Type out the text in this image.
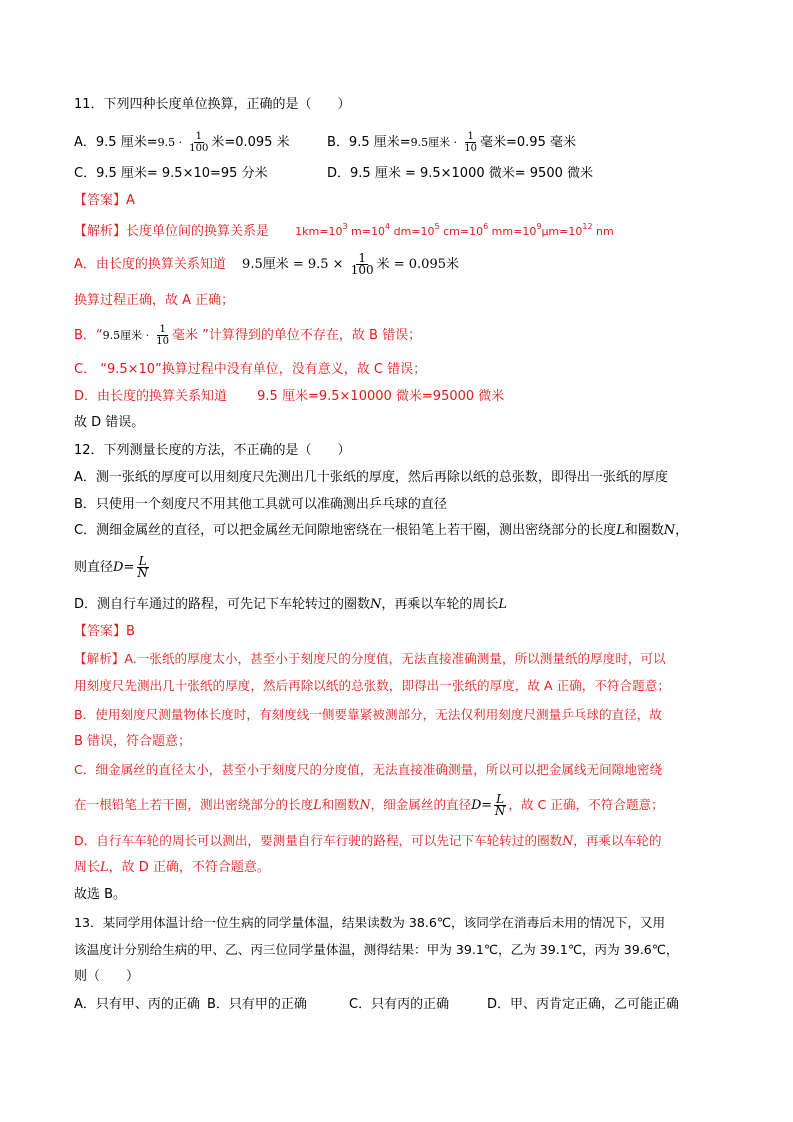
11．下列四种长度单位换算，正确的是（　　）
A．9.5 厘米$=9.5 \cdot \frac{1}{100}$ 米=0.095 米	B．9.5 厘米=9.5厘米 · $\frac{1}{10}$ 毫米=0.95 毫米
C．9.5 厘米= 9.5×10=95 分米	D．9.5 厘米 = 9.5×1000 微米= 9500 微米
【答案】A
【解析】长度单位间的换算关系是 $1km=10^3$ $m=10^4$ $dm=10^5$ $cm=10^6$ $mm=10^9\mu m=10^{12}$ nm
A．由长度的换算关系知道 9.5厘米 = $9.5 \times \frac{1}{100}$ 米 = 0.095米
换算过程正确，故 A 正确；
B．“9.5厘米 · $\frac{1}{10}$ 毫米 ”计算得到的单位不存在，故 B 错误；
C． “9.5×10”换算过程中没有单位，没有意义，故 C 错误；
D．由长度的换算关系知道 9.5 厘米=9.5×10000 微米=95000 微米
故 D 错误。
12．下列测量长度的方法，不正确的是（　　）
A．测一张纸的厚度可以用刻度尺先测出几十张纸的厚度，然后再除以纸的总张数，即得出一张纸的厚度
B．只使用一个刻度尺不用其他工具就可以准确测出乒乓球的直径
C．测细金属丝的直径，可以把金属丝无间隙地密绕在一根铅笔上若干圈，测出密绕部分的长度L和圈数N，
则直径$D= \frac{L}{N}$
D．测自行车通过的路程，可先记下车轮转过的圈数N，再乘以车轮的周长L
【答案】B
【解析】A.一张纸的厚度太小，甚至小于刻度尺的分度值，无法直接准确测量，所以测量纸的厚度时，可以
用刻度尺先测出几十张纸的厚度，然后再除以纸的总张数，即得出一张纸的厚度，故 A 正确，不符合题意；
B．使用刻度尺测量物体长度时，有刻度线一侧要靠紧被测部分，无法仅利用刻度尺测量乒乓球的直径，故
B 错误，符合题意；
C．细金属丝的直径太小，甚至小于刻度尺的分度值，无法直接准确测量，所以可以把金属线无间隙地密绕
在一根铅笔上若干圈，测出密绕部分的长度L和圈数N，细金属丝的直径$D= \frac{L}{N}$ ，故 C 正确，不符合题意；
D．自行车车轮的周长可以测出，要测量自行车行驶的路程，可以先记下车轮转过的圈数N，再乘以车轮的
周长L，故 D 正确，不符合题意。
故选 B。
13．某同学用体温计给一位生病的同学量体温，结果读数为 38.6℃，该同学在消毒后未用的情况下，又用
该温度计分别给生病的甲、乙、丙三位同学量体温，测得结果：甲为 39.1℃，乙为 39.1℃，丙为 39.6℃，
则（　　）
A．只有甲、丙的正确 B．只有甲的正确	C．只有丙的正确	D．甲、丙肯定正确，乙可能正确
